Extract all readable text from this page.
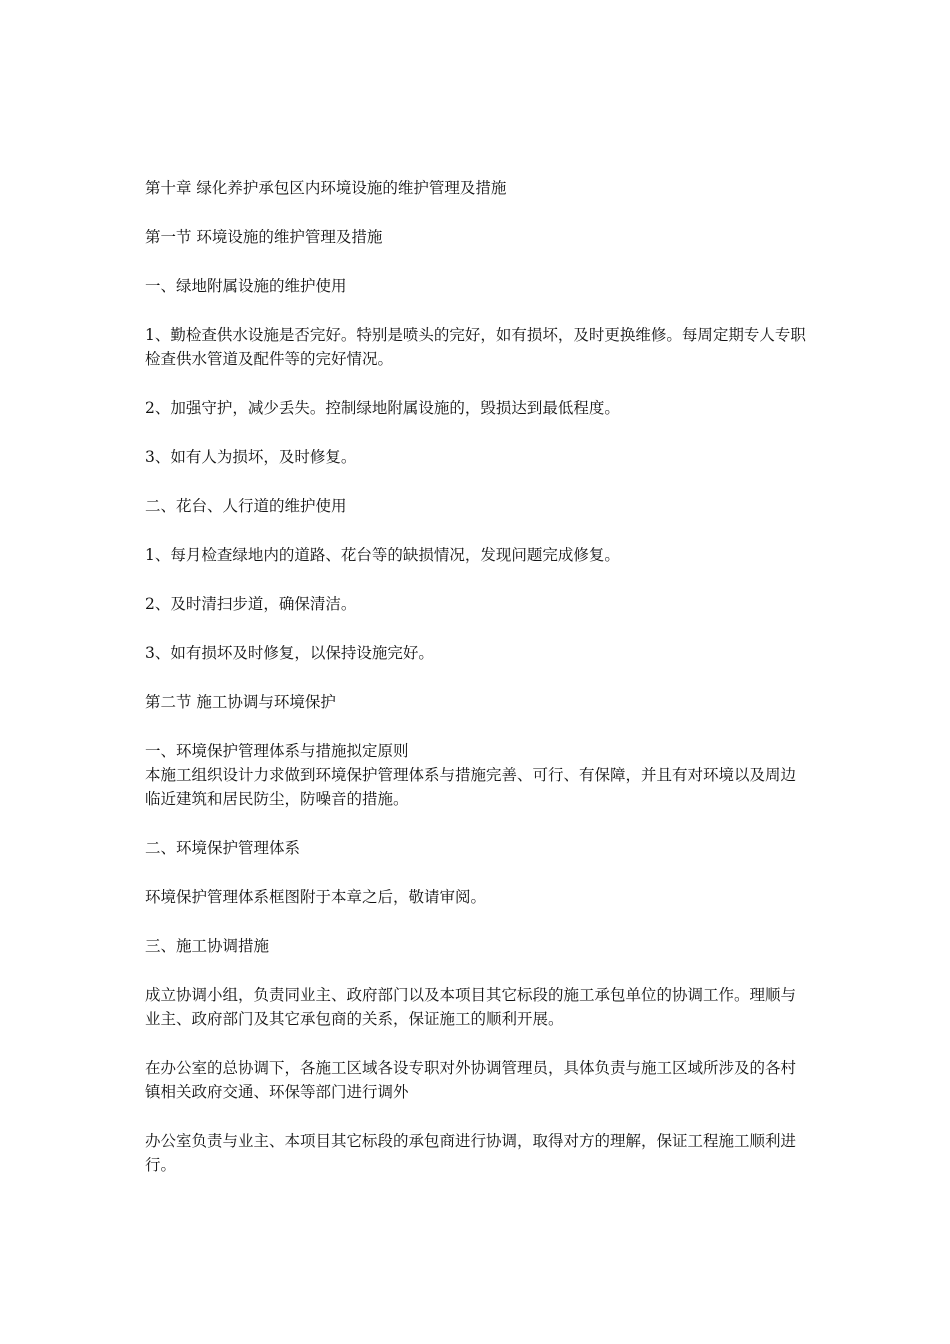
第十章 绿化养护承包区内环境设施的维护管理及措施

第一节 环境设施的维护管理及措施

一、绿地附属设施的维护使用

1、勤检查供水设施是否完好。特别是喷头的完好，如有损坏，及时更换维修。每周定期专人专职检查供水管道及配件等的完好情况。

2、加强守护，减少丢失。控制绿地附属设施的，毁损达到最低程度。

3、如有人为损坏，及时修复。

二、花台、人行道的维护使用

1、每月检查绿地内的道路、花台等的缺损情况，发现问题完成修复。

2、及时清扫步道，确保清洁。

3、如有损坏及时修复，以保持设施完好。

第二节 施工协调与环境保护

一、环境保护管理体系与措施拟定原则

本施工组织设计力求做到环境保护管理体系与措施完善、可行、有保障，并且有对环境以及周边临近建筑和居民防尘，防噪音的措施。

二、环境保护管理体系

环境保护管理体系框图附于本章之后，敬请审阅。

三、施工协调措施

成立协调小组，负责同业主、政府部门以及本项目其它标段的施工承包单位的协调工作。理顺与业主、政府部门及其它承包商的关系，保证施工的顺利开展。

在办公室的总协调下，各施工区域各设专职对外协调管理员，具体负责与施工区域所涉及的各村镇相关政府交通、环保等部门进行调外

办公室负责与业主、本项目其它标段的承包商进行协调，取得对方的理解，保证工程施工顺利进行。
